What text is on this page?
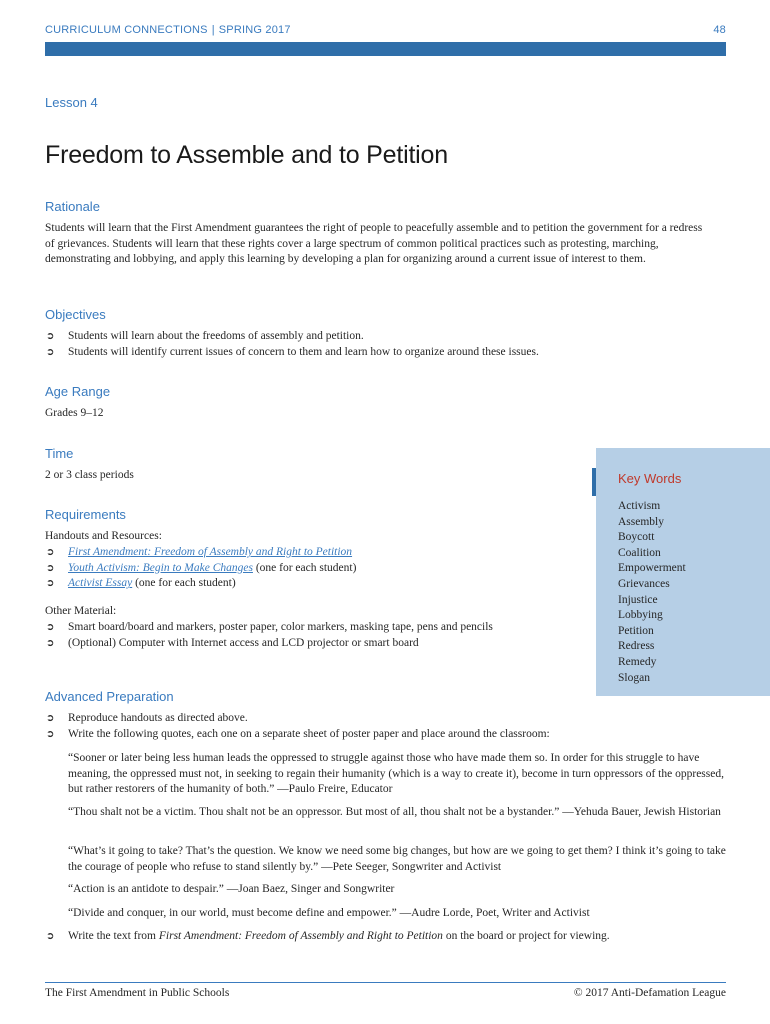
CURRICULUM CONNECTIONS | SPRING 2017	48
Lesson 4
Freedom to Assemble and to Petition
Rationale
Students will learn that the First Amendment guarantees the right of people to peacefully assemble and to petition the government for a redress of grievances. Students will learn that these rights cover a large spectrum of common political practices such as protesting, marching, demonstrating and lobbying, and apply this learning by developing a plan for organizing around a current issue of interest to them.
Objectives
➲ Students will learn about the freedoms of assembly and petition.
➲ Students will identify current issues of concern to them and learn how to organize around these issues.
Age Range
Grades 9–12
Time
2 or 3 class periods
Requirements
Handouts and Resources:
➲ First Amendment: Freedom of Assembly and Right to Petition
➲ Youth Activism: Begin to Make Changes (one for each student)
➲ Activist Essay (one for each student)
Other Material:
➲ Smart board/board and markers, poster paper, color markers, masking tape, pens and pencils
➲ (Optional) Computer with Internet access and LCD projector or smart board
Key Words
Activism
Assembly
Boycott
Coalition
Empowerment
Grievances
Injustice
Lobbying
Petition
Redress
Remedy
Slogan
Advanced Preparation
➲ Reproduce handouts as directed above.
➲ Write the following quotes, each one on a separate sheet of poster paper and place around the classroom:
“Sooner or later being less human leads the oppressed to struggle against those who have made them so. In order for this struggle to have meaning, the oppressed must not, in seeking to regain their humanity (which is a way to create it), become in turn oppressors of the oppressed, but rather restorers of the humanity of both.” —Paulo Freire, Educator
“Thou shalt not be a victim. Thou shalt not be an oppressor. But most of all, thou shalt not be a bystander.” —Yehuda Bauer, Jewish Historian
“What’s it going to take? That’s the question. We know we need some big changes, but how are we going to get them? I think it’s going to take the courage of people who refuse to stand silently by.” —Pete Seeger, Songwriter and Activist
“Action is an antidote to despair.” —Joan Baez, Singer and Songwriter
“Divide and conquer, in our world, must become define and empower.” —Audre Lorde, Poet, Writer and Activist
➲ Write the text from First Amendment: Freedom of Assembly and Right to Petition on the board or project for viewing.
The First Amendment in Public Schools	© 2017 Anti-Defamation League
